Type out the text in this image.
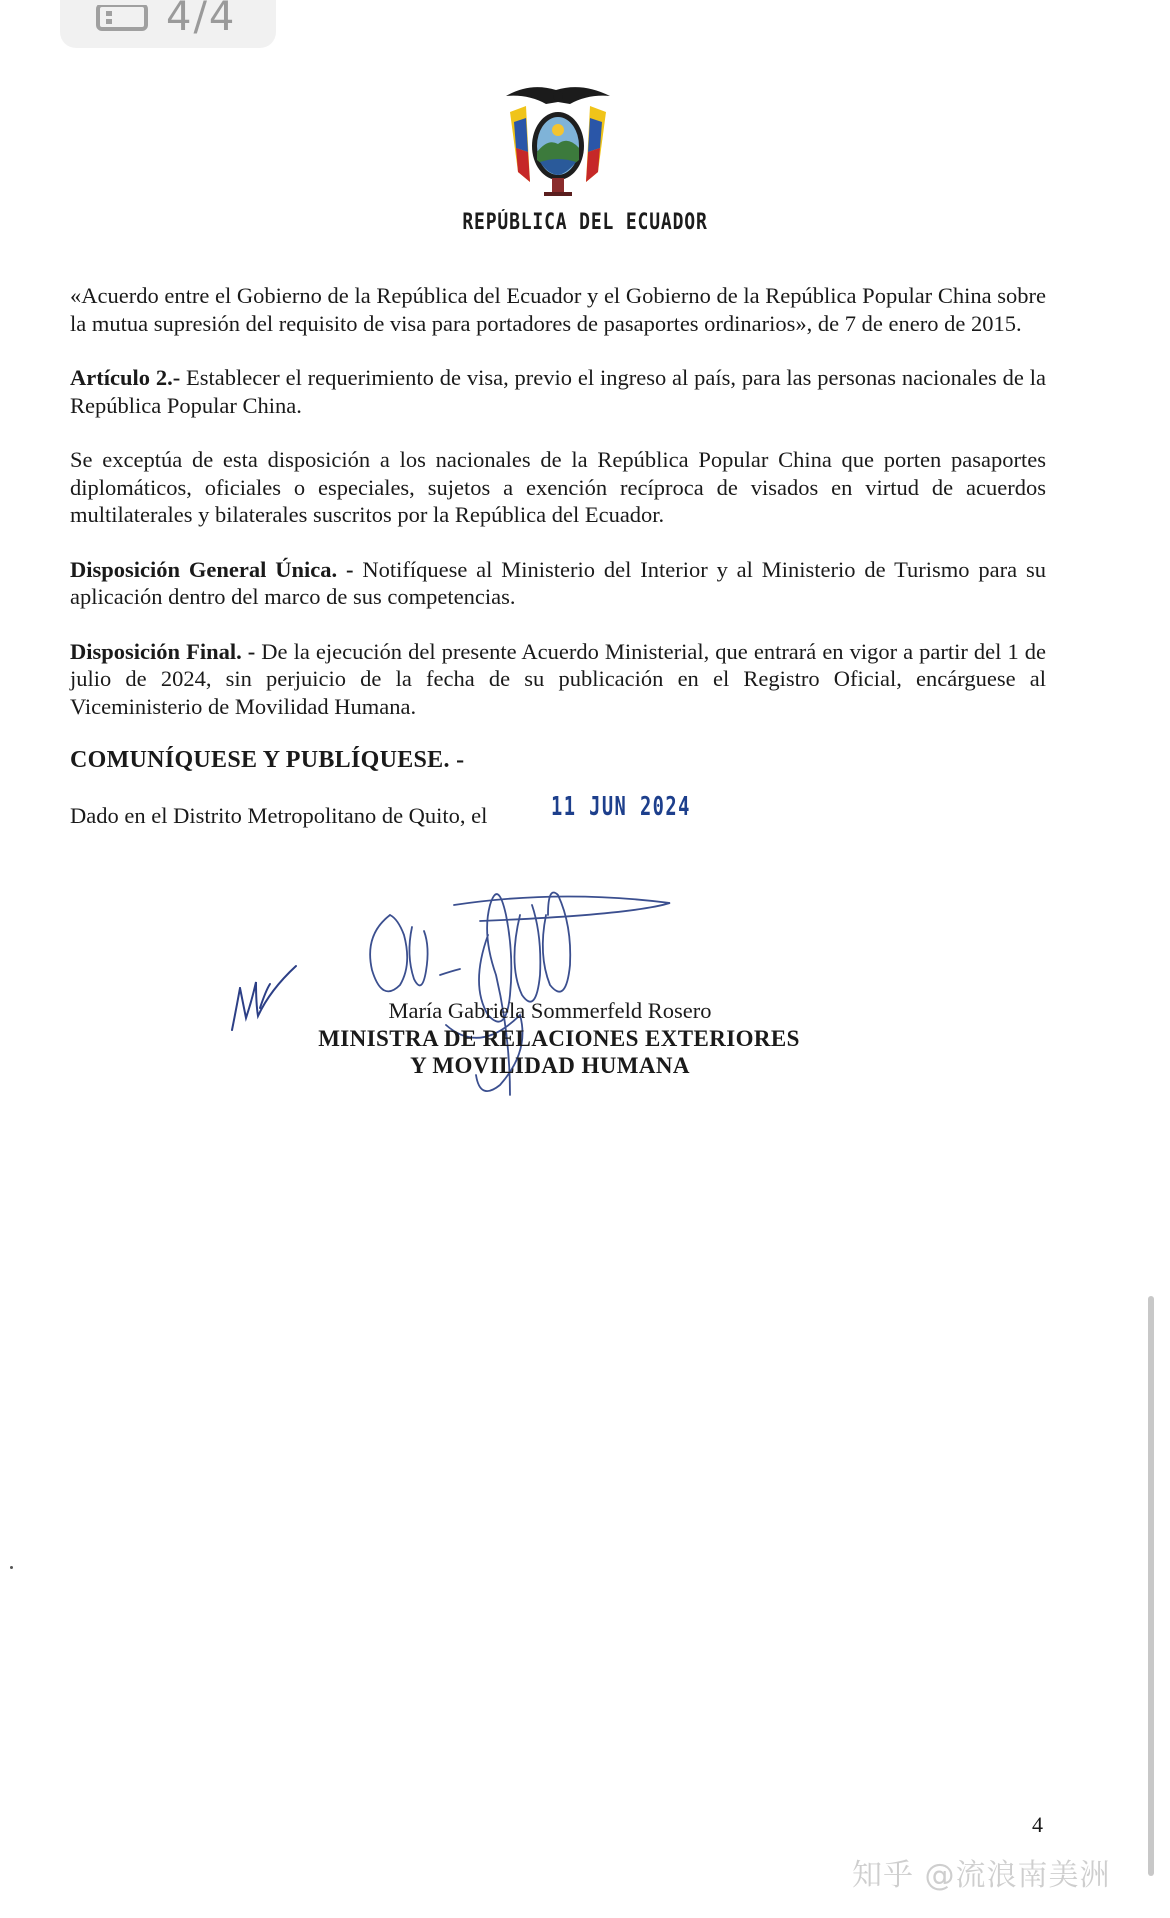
4/4
REPÚBLICA DEL ECUADOR

«Acuerdo entre el Gobierno de la República del Ecuador y el Gobierno de la República Popular China sobre la mutua supresión del requisito de visa para portadores de pasaportes ordinarios», de 7 de enero de 2015.

Artículo 2.- Establecer el requerimiento de visa, previo el ingreso al país, para las personas nacionales de la República Popular China.

Se exceptúa de esta disposición a los nacionales de la República Popular China que porten pasaportes diplomáticos, oficiales o especiales, sujetos a exención recíproca de visados en virtud de acuerdos multilaterales y bilaterales suscritos por la República del Ecuador.

Disposición General Única. - Notifíquese al Ministerio del Interior y al Ministerio de Turismo para su aplicación dentro del marco de sus competencias.

Disposición Final. - De la ejecución del presente Acuerdo Ministerial, que entrará en vigor a partir del 1 de julio de 2024, sin perjuicio de la fecha de su publicación en el Registro Oficial, encárguese al Viceministerio de Movilidad Humana.

COMUNÍQUESE Y PUBLÍQUESE. -

Dado en el Distrito Metropolitano de Quito, el 11 JUN 2024

María Gabriela Sommerfeld Rosero
MINISTRA DE RELACIONES EXTERIORES
Y MOVILIDAD HUMANA
4
知乎 @流浪南美洲
